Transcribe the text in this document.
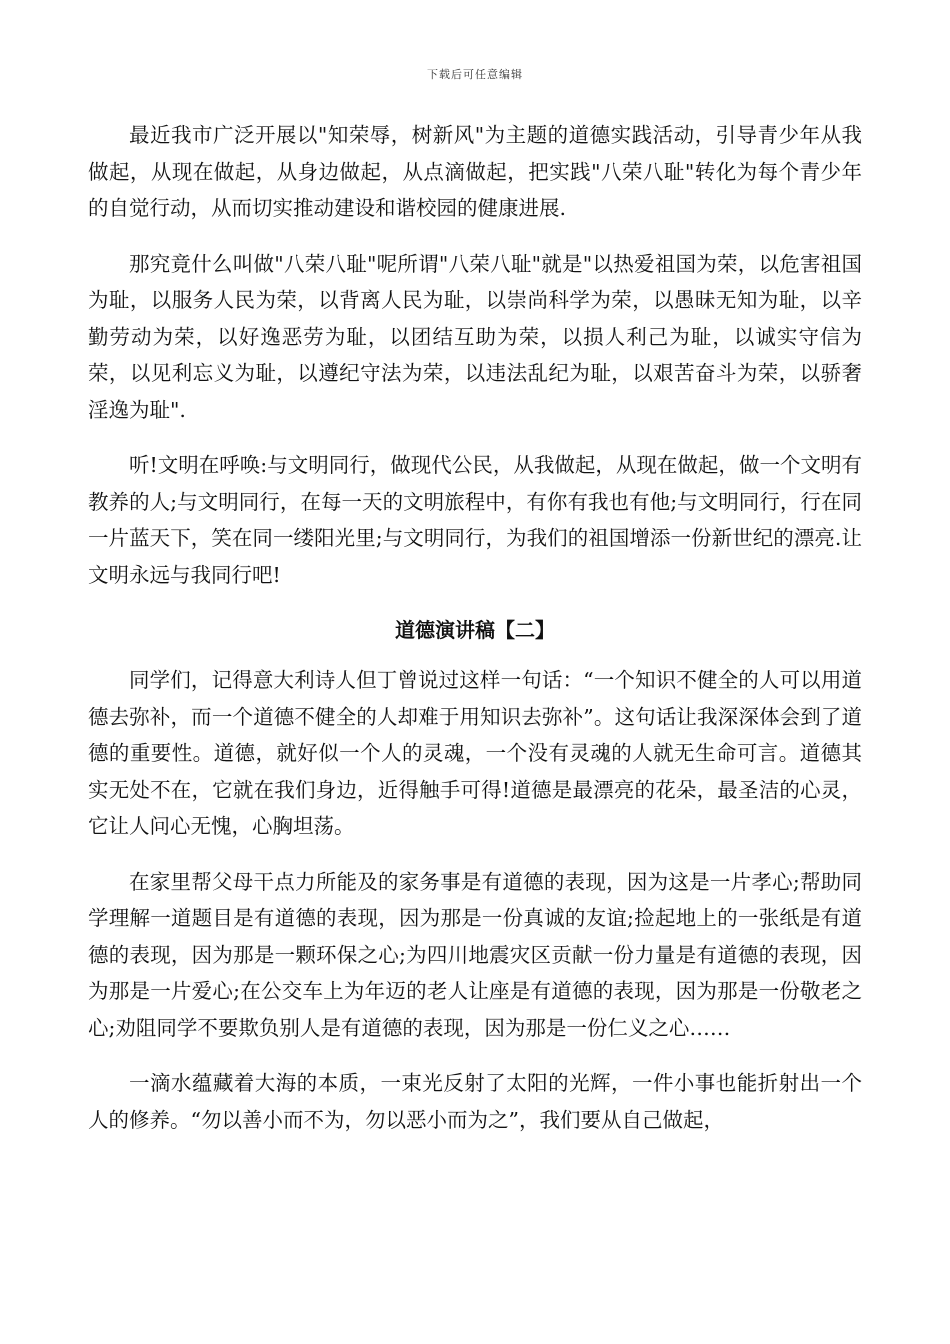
下载后可任意编辑

最近我市广泛开展以"知荣辱，树新风"为主题的道德实践活动，引导青少年从我做起，从现在做起，从身边做起，从点滴做起，把实践"八荣八耻"转化为每个青少年的自觉行动，从而切实推动建设和谐校园的健康进展.

那究竟什么叫做"八荣八耻"呢所谓"八荣八耻"就是"以热爱祖国为荣，以危害祖国为耻，以服务人民为荣，以背离人民为耻，以崇尚科学为荣，以愚昧无知为耻，以辛勤劳动为荣，以好逸恶劳为耻，以团结互助为荣，以损人利己为耻，以诚实守信为荣，以见利忘义为耻，以遵纪守法为荣，以违法乱纪为耻，以艰苦奋斗为荣，以骄奢淫逸为耻".

听!文明在呼唤:与文明同行，做现代公民，从我做起，从现在做起，做一个文明有教养的人;与文明同行，在每一天的文明旅程中，有你有我也有他;与文明同行，行在同一片蓝天下，笑在同一缕阳光里;与文明同行，为我们的祖国增添一份新世纪的漂亮.让文明永远与我同行吧!

道德演讲稿【二】

同学们，记得意大利诗人但丁曾说过这样一句话：“一个知识不健全的人可以用道德去弥补，而一个道德不健全的人却难于用知识去弥补”。这句话让我深深体会到了道德的重要性。道德，就好似一个人的灵魂，一个没有灵魂的人就无生命可言。道德其实无处不在，它就在我们身边，近得触手可得!道德是最漂亮的花朵，最圣洁的心灵，它让人问心无愧，心胸坦荡。

在家里帮父母干点力所能及的家务事是有道德的表现，因为这是一片孝心;帮助同学理解一道题目是有道德的表现，因为那是一份真诚的友谊;捡起地上的一张纸是有道德的表现，因为那是一颗环保之心;为四川地震灾区贡献一份力量是有道德的表现，因为那是一片爱心;在公交车上为年迈的老人让座是有道德的表现，因为那是一份敬老之心;劝阻同学不要欺负别人是有道德的表现，因为那是一份仁义之心……

一滴水蕴藏着大海的本质，一束光反射了太阳的光辉，一件小事也能折射出一个人的修养。“勿以善小而不为，勿以恶小而为之”，我们要从自己做起，
